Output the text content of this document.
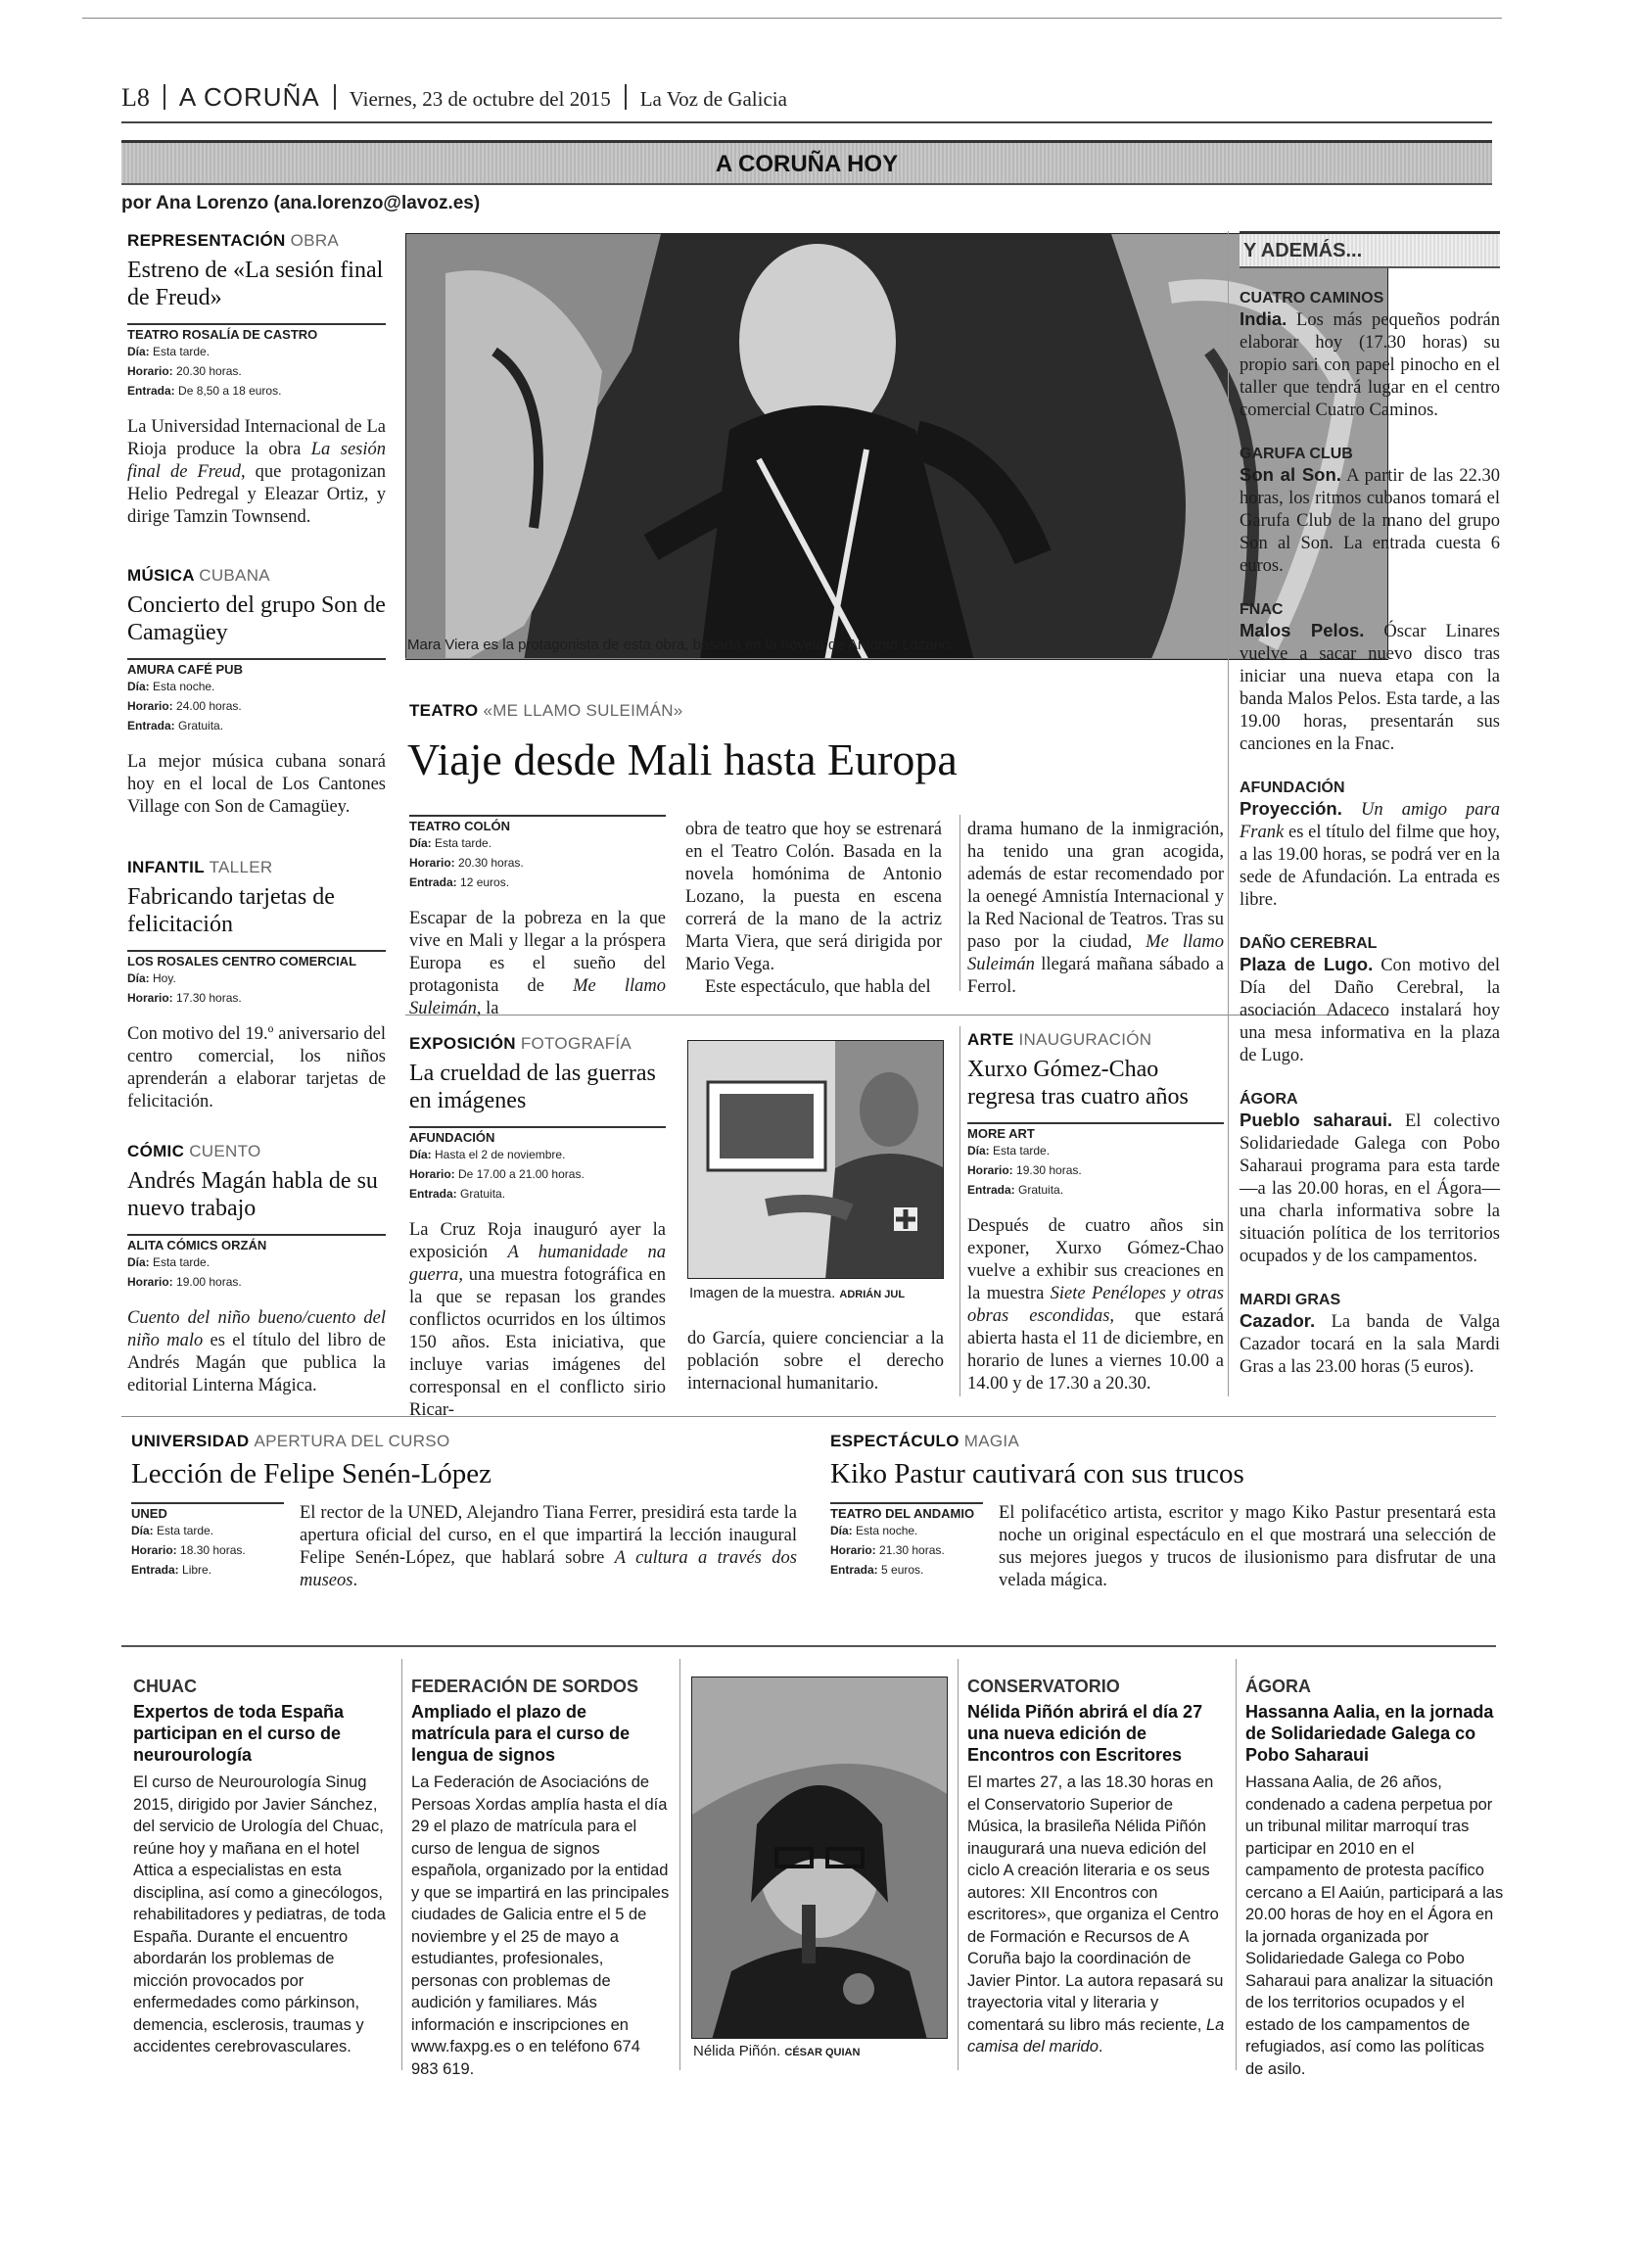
L8 A CORUÑA Viernes, 23 de octubre del 2015 La Voz de Galicia
A CORUÑA HOY
por Ana Lorenzo (ana.lorenzo@lavoz.es)
REPRESENTACIÓN OBRA
Estreno de «La sesión final de Freud»
TEATRO ROSALÍA DE CASTRO
Día: Esta tarde.
Horario: 20.30 horas.
Entrada: De 8,50 a 18 euros.
La Universidad Internacional de La Rioja produce la obra La sesión final de Freud, que protagonizan Helio Pedregal y Eleazar Ortiz, y dirige Tamzin Townsend.
MÚSICA CUBANA
Concierto del grupo Son de Camagüey
AMURA CAFÉ PUB
Día: Esta noche.
Horario: 24.00 horas.
Entrada: Gratuita.
La mejor música cubana sonará hoy en el local de Los Cantones Village con Son de Camagüey.
INFANTIL TALLER
Fabricando tarjetas de felicitación
LOS ROSALES CENTRO COMERCIAL
Día: Hoy.
Horario: 17.30 horas.
Con motivo del 19.º aniversario del centro comercial, los niños aprenderán a elaborar tarjetas de felicitación.
CÓMIC CUENTO
Andrés Magán habla de su nuevo trabajo
ALITA CÓMICS ORZÁN
Día: Esta tarde.
Horario: 19.00 horas.
Cuento del niño bueno/cuento del niño malo es el título del libro de Andrés Magán que publica la editorial Linterna Mágica.
Mara Viera es la protagonista de esta obra, basada en la novela de Antonio Lozano.
TEATRO «ME LLAMO SULEIMÁN»
Viaje desde Mali hasta Europa
TEATRO COLÓN
Día: Esta tarde.
Horario: 20.30 horas.
Entrada: 12 euros.
Escapar de la pobreza en la que vive en Mali y llegar a la próspera Europa es el sueño del protagonista de Me llamo Suleimán, la
obra de teatro que hoy se estrenará en el Teatro Colón. Basada en la novela homónima de Antonio Lozano, la puesta en escena correrá de la mano de la actriz Marta Viera, que será dirigida por Mario Vega.
Este espectáculo, que habla del
drama humano de la inmigración, ha tenido una gran acogida, además de estar recomendado por la oenegé Amnistía Internacional y la Red Nacional de Teatros. Tras su paso por la ciudad, Me llamo Suleimán llegará mañana sábado a Ferrol.
EXPOSICIÓN FOTOGRAFÍA
La crueldad de las guerras en imágenes
AFUNDACIÓN
Día: Hasta el 2 de noviembre.
Horario: De 17.00 a 21.00 horas.
Entrada: Gratuita.
La Cruz Roja inauguró ayer la exposición A humanidade na guerra, una muestra fotográfica en la que se repasan los grandes conflictos ocurridos en los últimos 150 años. Esta iniciativa, que incluye varias imágenes del corresponsal en el conflicto sirio Ricar-
Imagen de la muestra. ADRIÁN JUL
do García, quiere concienciar a la población sobre el derecho internacional humanitario.
ARTE INAUGURACIÓN
Xurxo Gómez-Chao regresa tras cuatro años
MORE ART
Día: Esta tarde.
Horario: 19.30 horas.
Entrada: Gratuita.
Después de cuatro años sin exponer, Xurxo Gómez-Chao vuelve a exhibir sus creaciones en la muestra Siete Penélopes y otras obras escondidas, que estará abierta hasta el 11 de diciembre, en horario de lunes a viernes 10.00 a 14.00 y de 17.30 a 20.30.
Y ADEMÁS...
CUATRO CAMINOS
India. Los más pequeños podrán elaborar hoy (17.30 horas) su propio sari con papel pinocho en el taller que tendrá lugar en el centro comercial Cuatro Caminos.
GARUFA CLUB
Son al Son. A partir de las 22.30 horas, los ritmos cubanos tomará el Garufa Club de la mano del grupo Son al Son. La entrada cuesta 6 euros.
FNAC
Malos Pelos. Óscar Linares vuelve a sacar nuevo disco tras iniciar una nueva etapa con la banda Malos Pelos. Esta tarde, a las 19.00 horas, presentarán sus canciones en la Fnac.
AFUNDACIÓN
Proyección. Un amigo para Frank es el título del filme que hoy, a las 19.00 horas, se podrá ver en la sede de Afundación. La entrada es libre.
DAÑO CEREBRAL
Plaza de Lugo. Con motivo del Día del Daño Cerebral, la asociación Adaceco instalará hoy una mesa informativa en la plaza de Lugo.
ÁGORA
Pueblo saharaui. El colectivo Solidariedade Galega con Pobo Saharaui programa para esta tarde —a las 20.00 horas, en el Ágora— una charla informativa sobre la situación política de los territorios ocupados y de los campamentos.
MARDI GRAS
Cazador. La banda de Valga Cazador tocará en la sala Mardi Gras a las 23.00 horas (5 euros).
UNIVERSIDAD APERTURA DEL CURSO
Lección de Felipe Senén-López
UNED
Día: Esta tarde.
Horario: 18.30 horas.
Entrada: Libre.
El rector de la UNED, Alejandro Tiana Ferrer, presidirá esta tarde la apertura oficial del curso, en el que impartirá la lección inaugural Felipe Senén-López, que hablará sobre A cultura a través dos museos.
ESPECTÁCULO MAGIA
Kiko Pastur cautivará con sus trucos
TEATRO DEL ANDAMIO
Día: Esta noche.
Horario: 21.30 horas.
Entrada: 5 euros.
El polifacético artista, escritor y mago Kiko Pastur presentará esta noche un original espectáculo en el que mostrará una selección de sus mejores juegos y trucos de ilusionismo para disfrutar de una velada mágica.
CHUAC
Expertos de toda España participan en el curso de neurourología
El curso de Neurourología Sinug 2015, dirigido por Javier Sánchez, del servicio de Urología del Chuac, reúne hoy y mañana en el hotel Attica a especialistas en esta disciplina, así como a ginecólogos, rehabilitadores y pediatras, de toda España. Durante el encuentro abordarán los problemas de micción provocados por enfermedades como párkinson, demencia, esclerosis, traumas y accidentes cerebrovasculares.
FEDERACIÓN DE SORDOS
Ampliado el plazo de matrícula para el curso de lengua de signos
La Federación de Asociacións de Persoas Xordas amplía hasta el día 29 el plazo de matrícula para el curso de lengua de signos española, organizado por la entidad y que se impartirá en las principales ciudades de Galicia entre el 5 de noviembre y el 25 de mayo a estudiantes, profesionales, personas con problemas de audición y familiares. Más información e inscripciones en www.faxpg.es o en teléfono 674 983 619.
Nélida Piñón. CÉSAR QUIAN
CONSERVATORIO
Nélida Piñón abrirá el día 27 una nueva edición de Encontros con Escritores
El martes 27, a las 18.30 horas en el Conservatorio Superior de Música, la brasileña Nélida Piñón inaugurará una nueva edición del ciclo A creación literaria e os seus autores: XII Encontros con escritores», que organiza el Centro de Formación e Recursos de A Coruña bajo la coordinación de Javier Pintor. La autora repasará su trayectoria vital y literaria y comentará su libro más reciente, La camisa del marido.
ÁGORA
Hassanna Aalia, en la jornada de Solidariedade Galega co Pobo Saharaui
Hassana Aalia, de 26 años, condenado a cadena perpetua por un tribunal militar marroquí tras participar en 2010 en el campamento de protesta pacífico cercano a El Aaiún, participará a las 20.00 horas de hoy en el Ágora en la jornada organizada por Solidariedade Galega co Pobo Saharaui para analizar la situación de los territorios ocupados y el estado de los campamentos de refugiados, así como las políticas de asilo.
